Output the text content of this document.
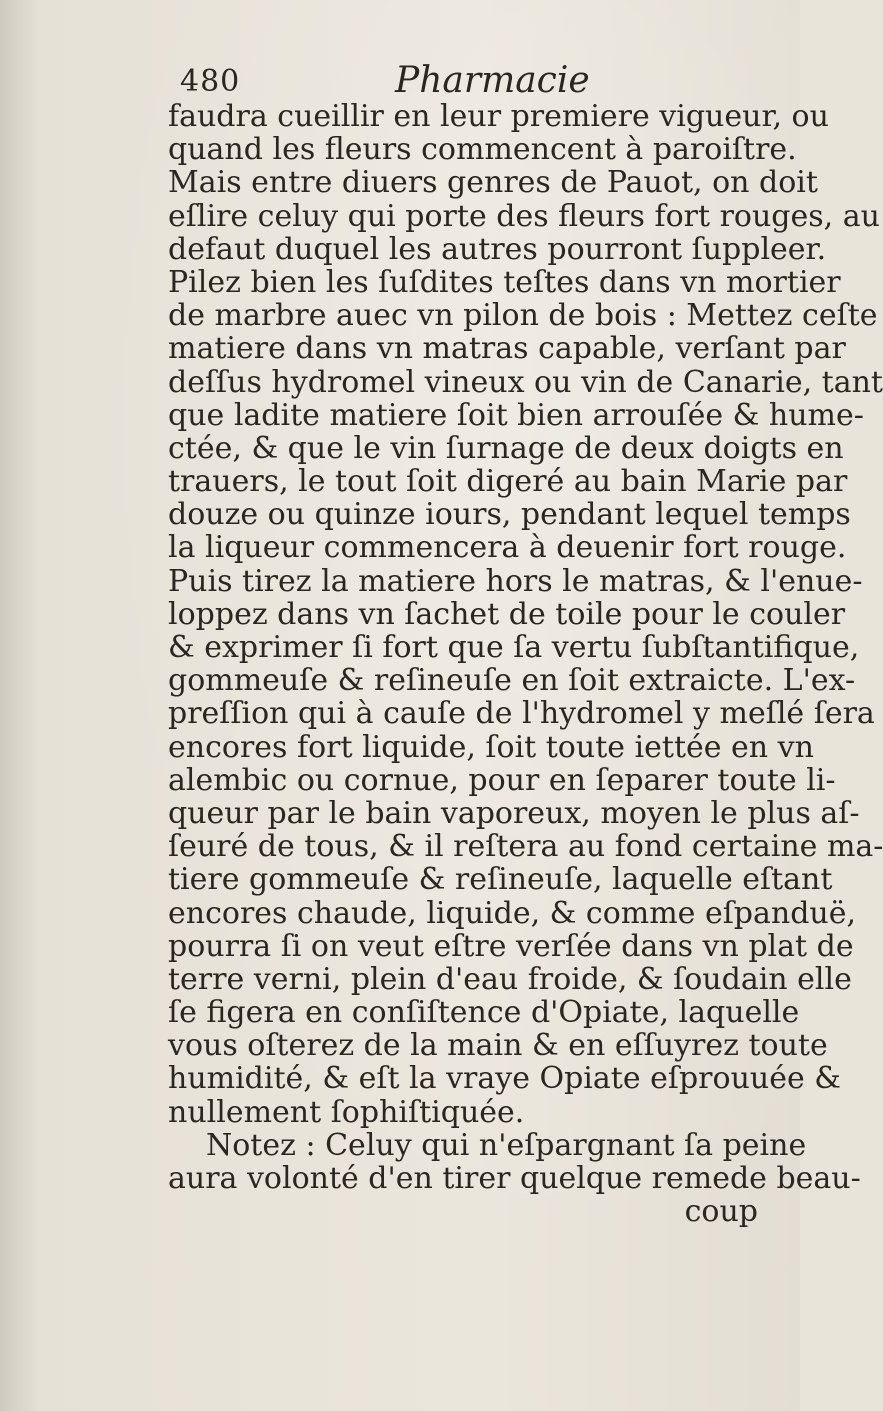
480	Pharmacie
faudra cueillir en leur premiere vigueur, ou
quand les fleurs commencent à paroiſtre.
Mais entre diuers genres de Pauot, on doit
eſlire celuy qui porte des fleurs fort rouges, au
defaut duquel les autres pourront ſuppleer.
Pilez bien les ſuſdites teſtes dans vn mortier
de marbre auec vn pilon de bois : Mettez ceſte
matiere dans vn matras capable, verſant par
deſſus hydromel vineux ou vin de Canarie, tant
que ladite matiere ſoit bien arrouſée & hume-
ctée, & que le vin ſurnage de deux doigts en
trauers, le tout ſoit digeré au bain Marie par
douze ou quinze iours, pendant lequel temps
la liqueur commencera à deuenir fort rouge.
Puis tirez la matiere hors le matras, & l'enue-
loppez dans vn ſachet de toile pour le couler
& exprimer ſi fort que ſa vertu ſubſtantifique,
gommeuſe & reſineuſe en ſoit extraicte. L'ex-
preſſion qui à cauſe de l'hydromel y meſlé ſera
encores fort liquide, ſoit toute iettée en vn
alembic ou cornue, pour en ſeparer toute li-
queur par le bain vaporeux, moyen le plus aſ-
ſeuré de tous, & il reſtera au fond certaine ma-
tiere gommeuſe & reſineuſe, laquelle eſtant
encores chaude, liquide, & comme eſpanduë,
pourra ſi on veut eſtre verſée dans vn plat de
terre verni, plein d'eau froide, & ſoudain elle
ſe figera en conſiſtence d'Opiate, laquelle
vous oſterez de la main & en eſſuyrez toute
humidité, & eſt la vraye Opiate eſprouuée &
nullement ſophiſtiquée.
Notez : Celuy qui n'eſpargnant ſa peine
aura volonté d'en tirer quelque remede beau-
coup
